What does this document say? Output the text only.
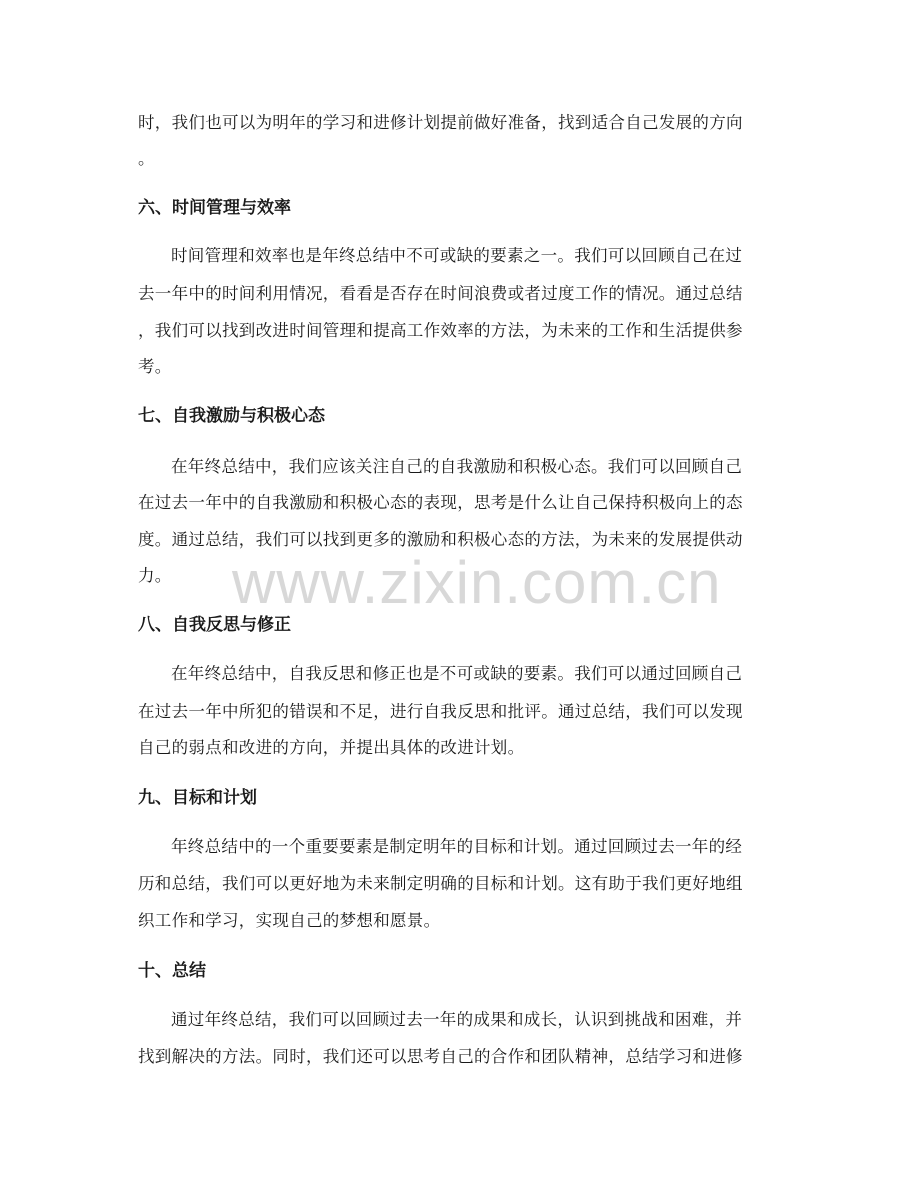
时，我们也可以为明年的学习和进修计划提前做好准备，找到适合自己发展的方向
。
六、时间管理与效率
时间管理和效率也是年终总结中不可或缺的要素之一。我们可以回顾自己在过
去一年中的时间利用情况，看看是否存在时间浪费或者过度工作的情况。通过总结
，我们可以找到改进时间管理和提高工作效率的方法，为未来的工作和生活提供参
考。
七、自我激励与积极心态
在年终总结中，我们应该关注自己的自我激励和积极心态。我们可以回顾自己
在过去一年中的自我激励和积极心态的表现，思考是什么让自己保持积极向上的态
度。通过总结，我们可以找到更多的激励和积极心态的方法，为未来的发展提供动
力。
八、自我反思与修正
在年终总结中，自我反思和修正也是不可或缺的要素。我们可以通过回顾自己
在过去一年中所犯的错误和不足，进行自我反思和批评。通过总结，我们可以发现
自己的弱点和改进的方向，并提出具体的改进计划。
九、目标和计划
年终总结中的一个重要要素是制定明年的目标和计划。通过回顾过去一年的经
历和总结，我们可以更好地为未来制定明确的目标和计划。这有助于我们更好地组
织工作和学习，实现自己的梦想和愿景。
十、总结
通过年终总结，我们可以回顾过去一年的成果和成长，认识到挑战和困难，并
找到解决的方法。同时，我们还可以思考自己的合作和团队精神，总结学习和进修
www.zixin.com.cn
